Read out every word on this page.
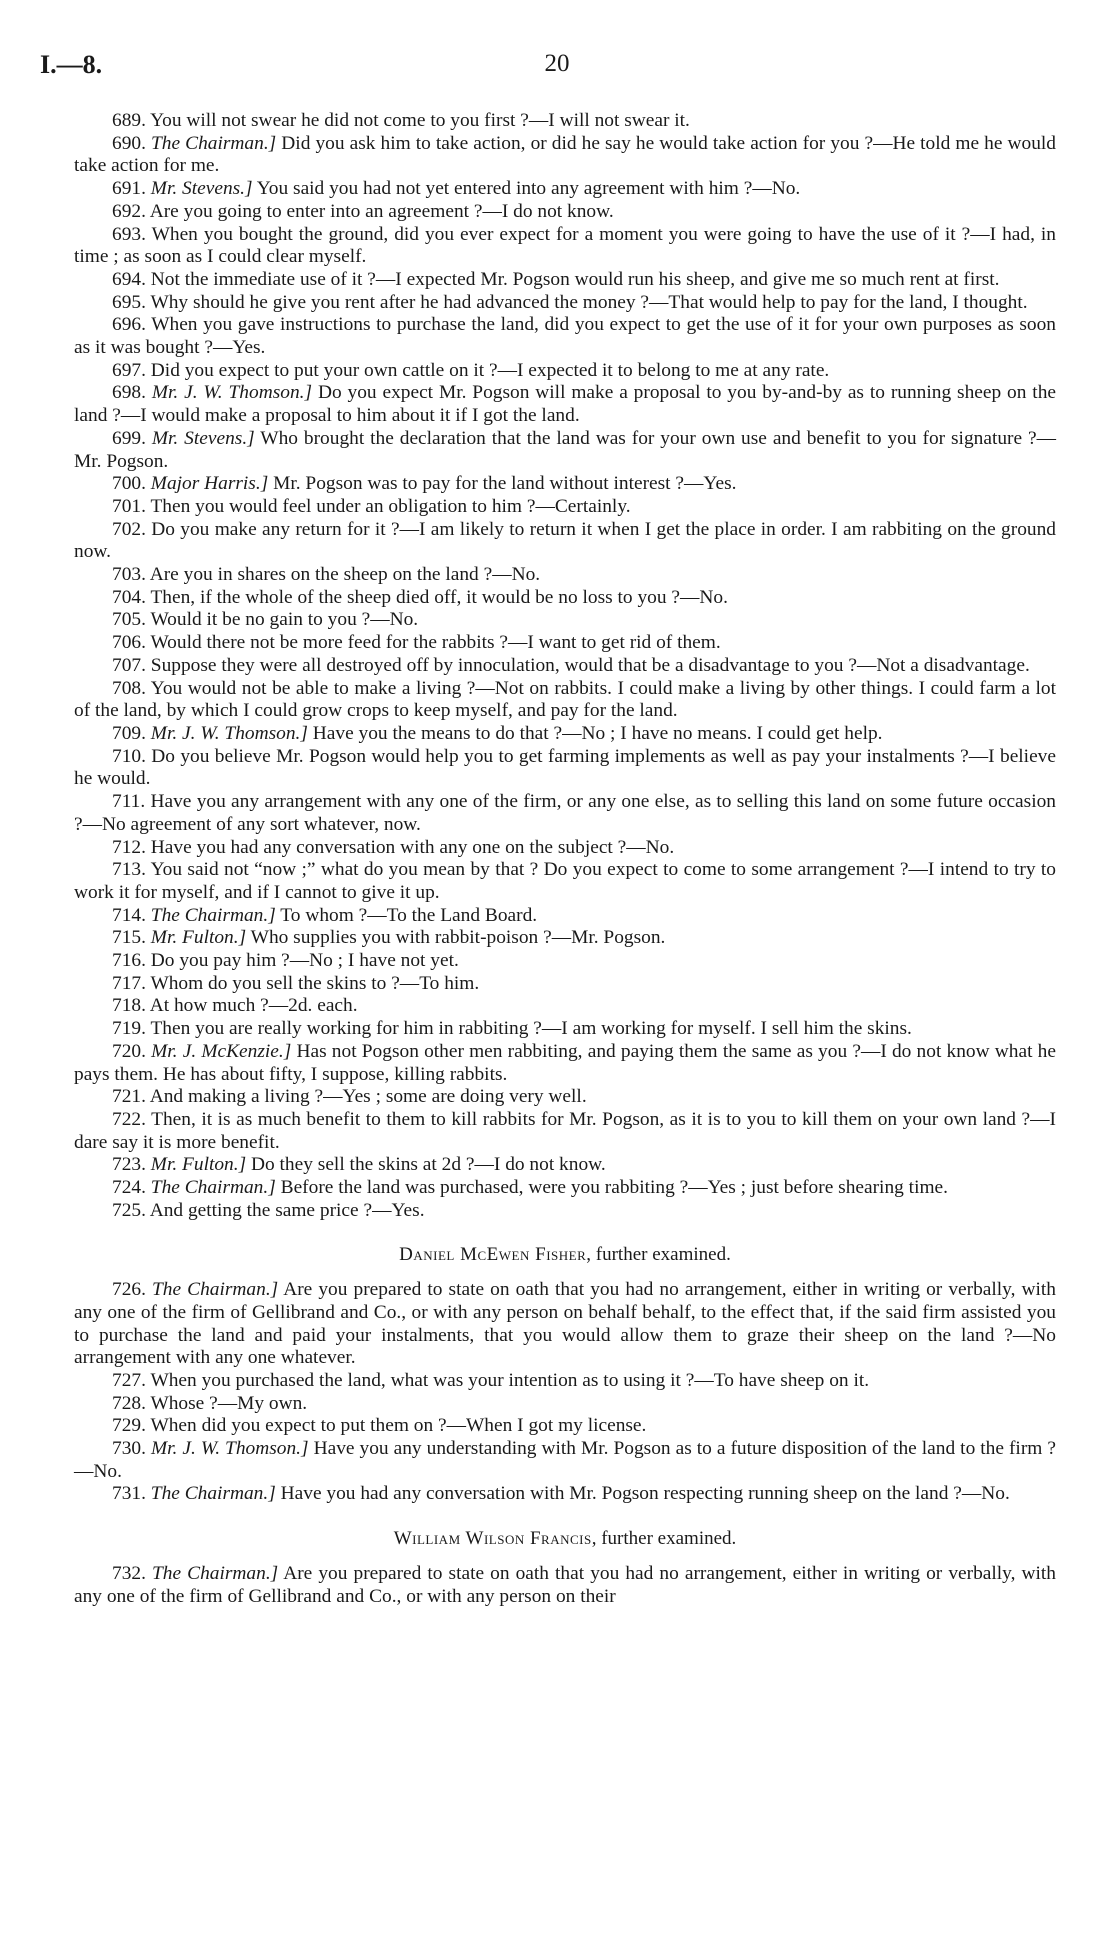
I.—8.	20

689. You will not swear he did not come to you first ?—I will not swear it.

690. The Chairman.] Did you ask him to take action, or did he say he would take action for you ?—He told me he would take action for me.

691. Mr. Stevens.] You said you had not yet entered into any agreement with him ?—No.

692. Are you going to enter into an agreement ?—I do not know.

693. When you bought the ground, did you ever expect for a moment you were going to have the use of it ?—I had, in time ; as soon as I could clear myself.

694. Not the immediate use of it ?—I expected Mr. Pogson would run his sheep, and give me so much rent at first.

695. Why should he give you rent after he had advanced the money ?—That would help to pay for the land, I thought.

696. When you gave instructions to purchase the land, did you expect to get the use of it for your own purposes as soon as it was bought ?—Yes.

697. Did you expect to put your own cattle on it ?—I expected it to belong to me at any rate.

698. Mr. J. W. Thomson.] Do you expect Mr. Pogson will make a proposal to you by-and-by as to running sheep on the land ?—I would make a proposal to him about it if I got the land.

699. Mr. Stevens.] Who brought the declaration that the land was for your own use and benefit to you for signature ?—Mr. Pogson.

700. Major Harris.] Mr. Pogson was to pay for the land without interest ?—Yes.

701. Then you would feel under an obligation to him ?—Certainly.

702. Do you make any return for it ?—I am likely to return it when I get the place in order. I am rabbiting on the ground now.

703. Are you in shares on the sheep on the land ?—No.

704. Then, if the whole of the sheep died off, it would be no loss to you ?—No.

705. Would it be no gain to you ?—No.

706. Would there not be more feed for the rabbits ?—I want to get rid of them.

707. Suppose they were all destroyed off by innoculation, would that be a disadvantage to you ?—Not a disadvantage.

708. You would not be able to make a living ?—Not on rabbits. I could make a living by other things. I could farm a lot of the land, by which I could grow crops to keep myself, and pay for the land.

709. Mr. J. W. Thomson.] Have you the means to do that ?—No ; I have no means. I could get help.

710. Do you believe Mr. Pogson would help you to get farming implements as well as pay your instalments ?—I believe he would.

711. Have you any arrangement with any one of the firm, or any one else, as to selling this land on some future occasion ?—No agreement of any sort whatever, now.

712. Have you had any conversation with any one on the subject ?—No.

713. You said not “now ;” what do you mean by that ? Do you expect to come to some arrangement ?—I intend to try to work it for myself, and if I cannot to give it up.

714. The Chairman.] To whom ?—To the Land Board.

715. Mr. Fulton.] Who supplies you with rabbit-poison ?—Mr. Pogson.

716. Do you pay him ?—No ; I have not yet.

717. Whom do you sell the skins to ?—To him.

718. At how much ?—2d. each.

719. Then you are really working for him in rabbiting ?—I am working for myself. I sell him the skins.

720. Mr. J. McKenzie.] Has not Pogson other men rabbiting, and paying them the same as you ?—I do not know what he pays them. He has about fifty, I suppose, killing rabbits.

721. And making a living ?—Yes ; some are doing very well.

722. Then, it is as much benefit to them to kill rabbits for Mr. Pogson, as it is to you to kill them on your own land ?—I dare say it is more benefit.

723. Mr. Fulton.] Do they sell the skins at 2d ?—I do not know.

724. The Chairman.] Before the land was purchased, were you rabbiting ?—Yes ; just before shearing time.

725. And getting the same price ?—Yes.

Daniel McEwen Fisher, further examined.

726. The Chairman.] Are you prepared to state on oath that you had no arrangement, either in writing or verbally, with any one of the firm of Gellibrand and Co., or with any person on behalf behalf, to the effect that, if the said firm assisted you to purchase the land and paid your instalments, that you would allow them to graze their sheep on the land ?—No arrangement with any one whatever.

727. When you purchased the land, what was your intention as to using it ?—To have sheep on it.

728. Whose ?—My own.

729. When did you expect to put them on ?—When I got my license.

730. Mr. J. W. Thomson.] Have you any understanding with Mr. Pogson as to a future disposition of the land to the firm ?—No.

731. The Chairman.] Have you had any conversation with Mr. Pogson respecting running sheep on the land ?—No.

William Wilson Francis, further examined.

732. The Chairman.] Are you prepared to state on oath that you had no arrangement, either in writing or verbally, with any one of the firm of Gellibrand and Co., or with any person on their
